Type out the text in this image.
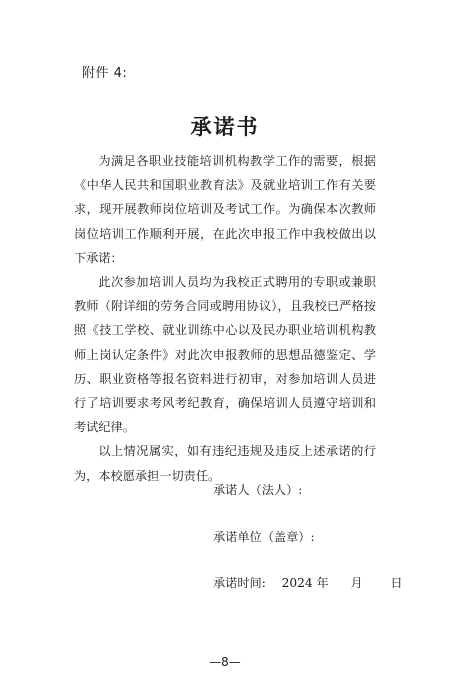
附件 4:
承诺书

为满足各职业技能培训机构教学工作的需要，根据《中华人民共和国职业教育法》及就业培训工作有关要求，现开展教师岗位培训及考试工作。为确保本次教师岗位培训工作顺利开展，在此次申报工作中我校做出以下承诺：

此次参加培训人员均为我校正式聘用的专职或兼职教师（附详细的劳务合同或聘用协议），且我校已严格按照《技工学校、就业训练中心以及民办职业培训机构教师上岗认定条件》对此次申报教师的思想品德鉴定、学历、职业资格等报名资料进行初审，对参加培训人员进行了培训要求考风考纪教育，确保培训人员遵守培训和考试纪律。

以上情况属实，如有违纪违规及违反上述承诺的行为，本校愿承担一切责任。

承诺人（法人）:
承诺单位（盖章）:
承诺时间: 2024 年 月 日
—8—
